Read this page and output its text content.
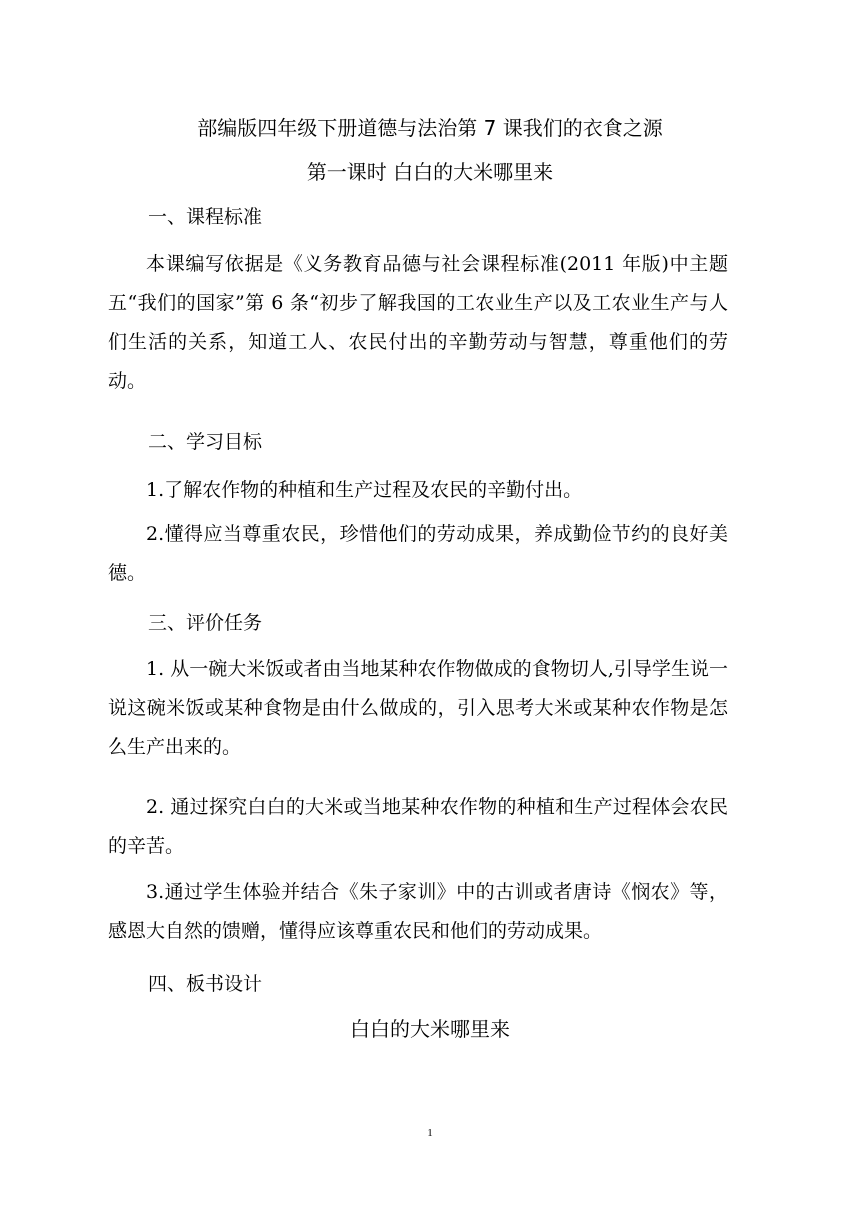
部编版四年级下册道德与法治第 7 课我们的衣食之源
第一课时 白白的大米哪里来
一、课程标准
本课编写依据是《义务教育品德与社会课程标准(2011 年版)中主题五“我们的国家”第 6 条“初步了解我国的工农业生产以及工农业生产与人们生活的关系，知道工人、农民付出的辛勤劳动与智慧，尊重他们的劳动。
二、学习目标
1.了解农作物的种植和生产过程及农民的辛勤付出。
2.懂得应当尊重农民，珍惜他们的劳动成果，养成勤俭节约的良好美德。
三、评价任务
1. 从一碗大米饭或者由当地某种农作物做成的食物切人,引导学生说一说这碗米饭或某种食物是由什么做成的，引入思考大米或某种农作物是怎么生产出来的。
2. 通过探究白白的大米或当地某种农作物的种植和生产过程体会农民的辛苦。
3.通过学生体验并结合《朱子家训》中的古训或者唐诗《悯农》等，感恩大自然的馈赠，懂得应该尊重农民和他们的劳动成果。
四、板书设计
白白的大米哪里来
1
